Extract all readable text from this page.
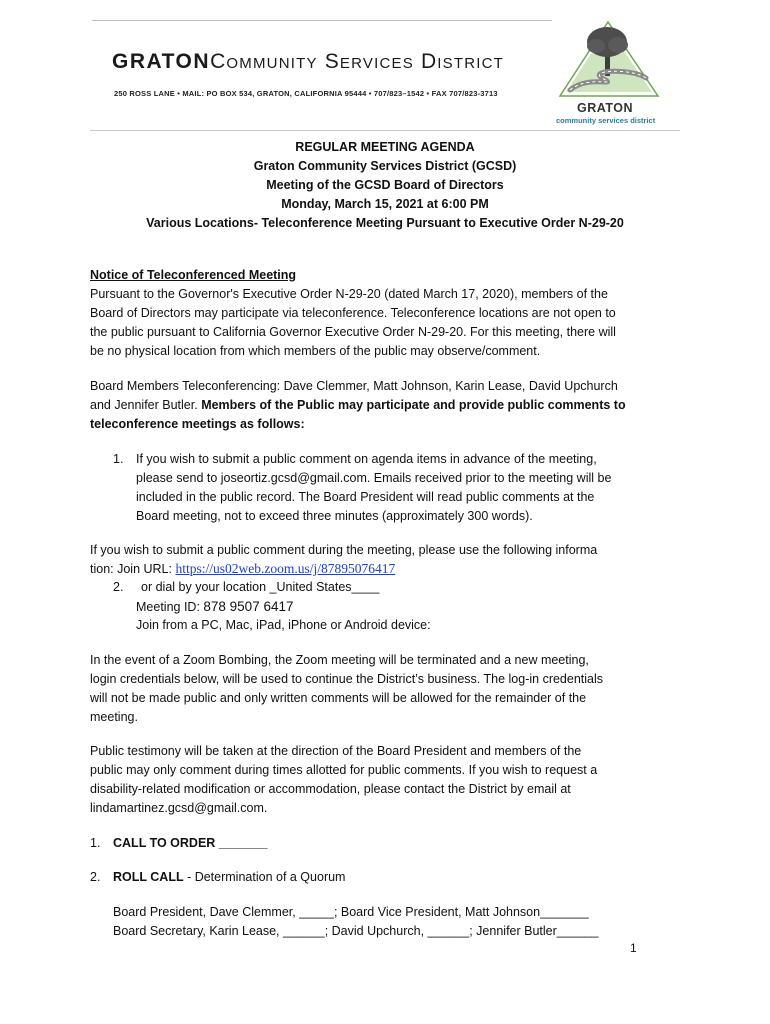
GRATONCommunity Services District
250 ROSS LANE • MAIL: PO BOX 534, GRATON, CALIFORNIA 95444 • 707/823–1542 • FAX 707/823-3713
GRATON
community services district
REGULAR MEETING AGENDA
Graton Community Services District (GCSD)
Meeting of the GCSD Board of Directors
Monday, March 15, 2021 at 6:00 PM
Various Locations- Teleconference Meeting Pursuant to Executive Order N-29-20
Notice of Teleconferenced Meeting
Pursuant to the Governor's Executive Order N-29-20 (dated March 17, 2020), members of the
Board of Directors may participate via teleconference. Teleconference locations are not open to
the public pursuant to California Governor Executive Order N-29-20. For this meeting, there will
be no physical location from which members of the public may observe/comment.
Board Members Teleconferencing: Dave Clemmer, Matt Johnson, Karin Lease, David Upchurch
and Jennifer Butler. Members of the Public may participate and provide public comments to
teleconference meetings as follows:
1. If you wish to submit a public comment on agenda items in advance of the meeting,
please send to joseortiz.gcsd@gmail.com. Emails received prior to the meeting will be
included in the public record. The Board President will read public comments at the
Board meeting, not to exceed three minutes (approximately 300 words).
If you wish to submit a public comment during the meeting, please use the following informa
tion: Join URL: https://us02web.zoom.us/j/87895076417
2. or dial by your location _United States____
Meeting ID: 878 9507 6417
Join from a PC, Mac, iPad, iPhone or Android device:
In the event of a Zoom Bombing, the Zoom meeting will be terminated and a new meeting,
login credentials below, will be used to continue the District’s business. The log-in credentials
will not be made public and only written comments will be allowed for the remainder of the
meeting.
Public testimony will be taken at the direction of the Board President and members of the
public may only comment during times allotted for public comments. If you wish to request a
disability-related modification or accommodation, please contact the District by email at
lindamartinez.gcsd@gmail.com.
1. CALL TO ORDER _______
2. ROLL CALL - Determination of a Quorum
Board President, Dave Clemmer, _____; Board Vice President, Matt Johnson_______
Board Secretary, Karin Lease, ______; David Upchurch, ______; Jennifer Butler______
1
